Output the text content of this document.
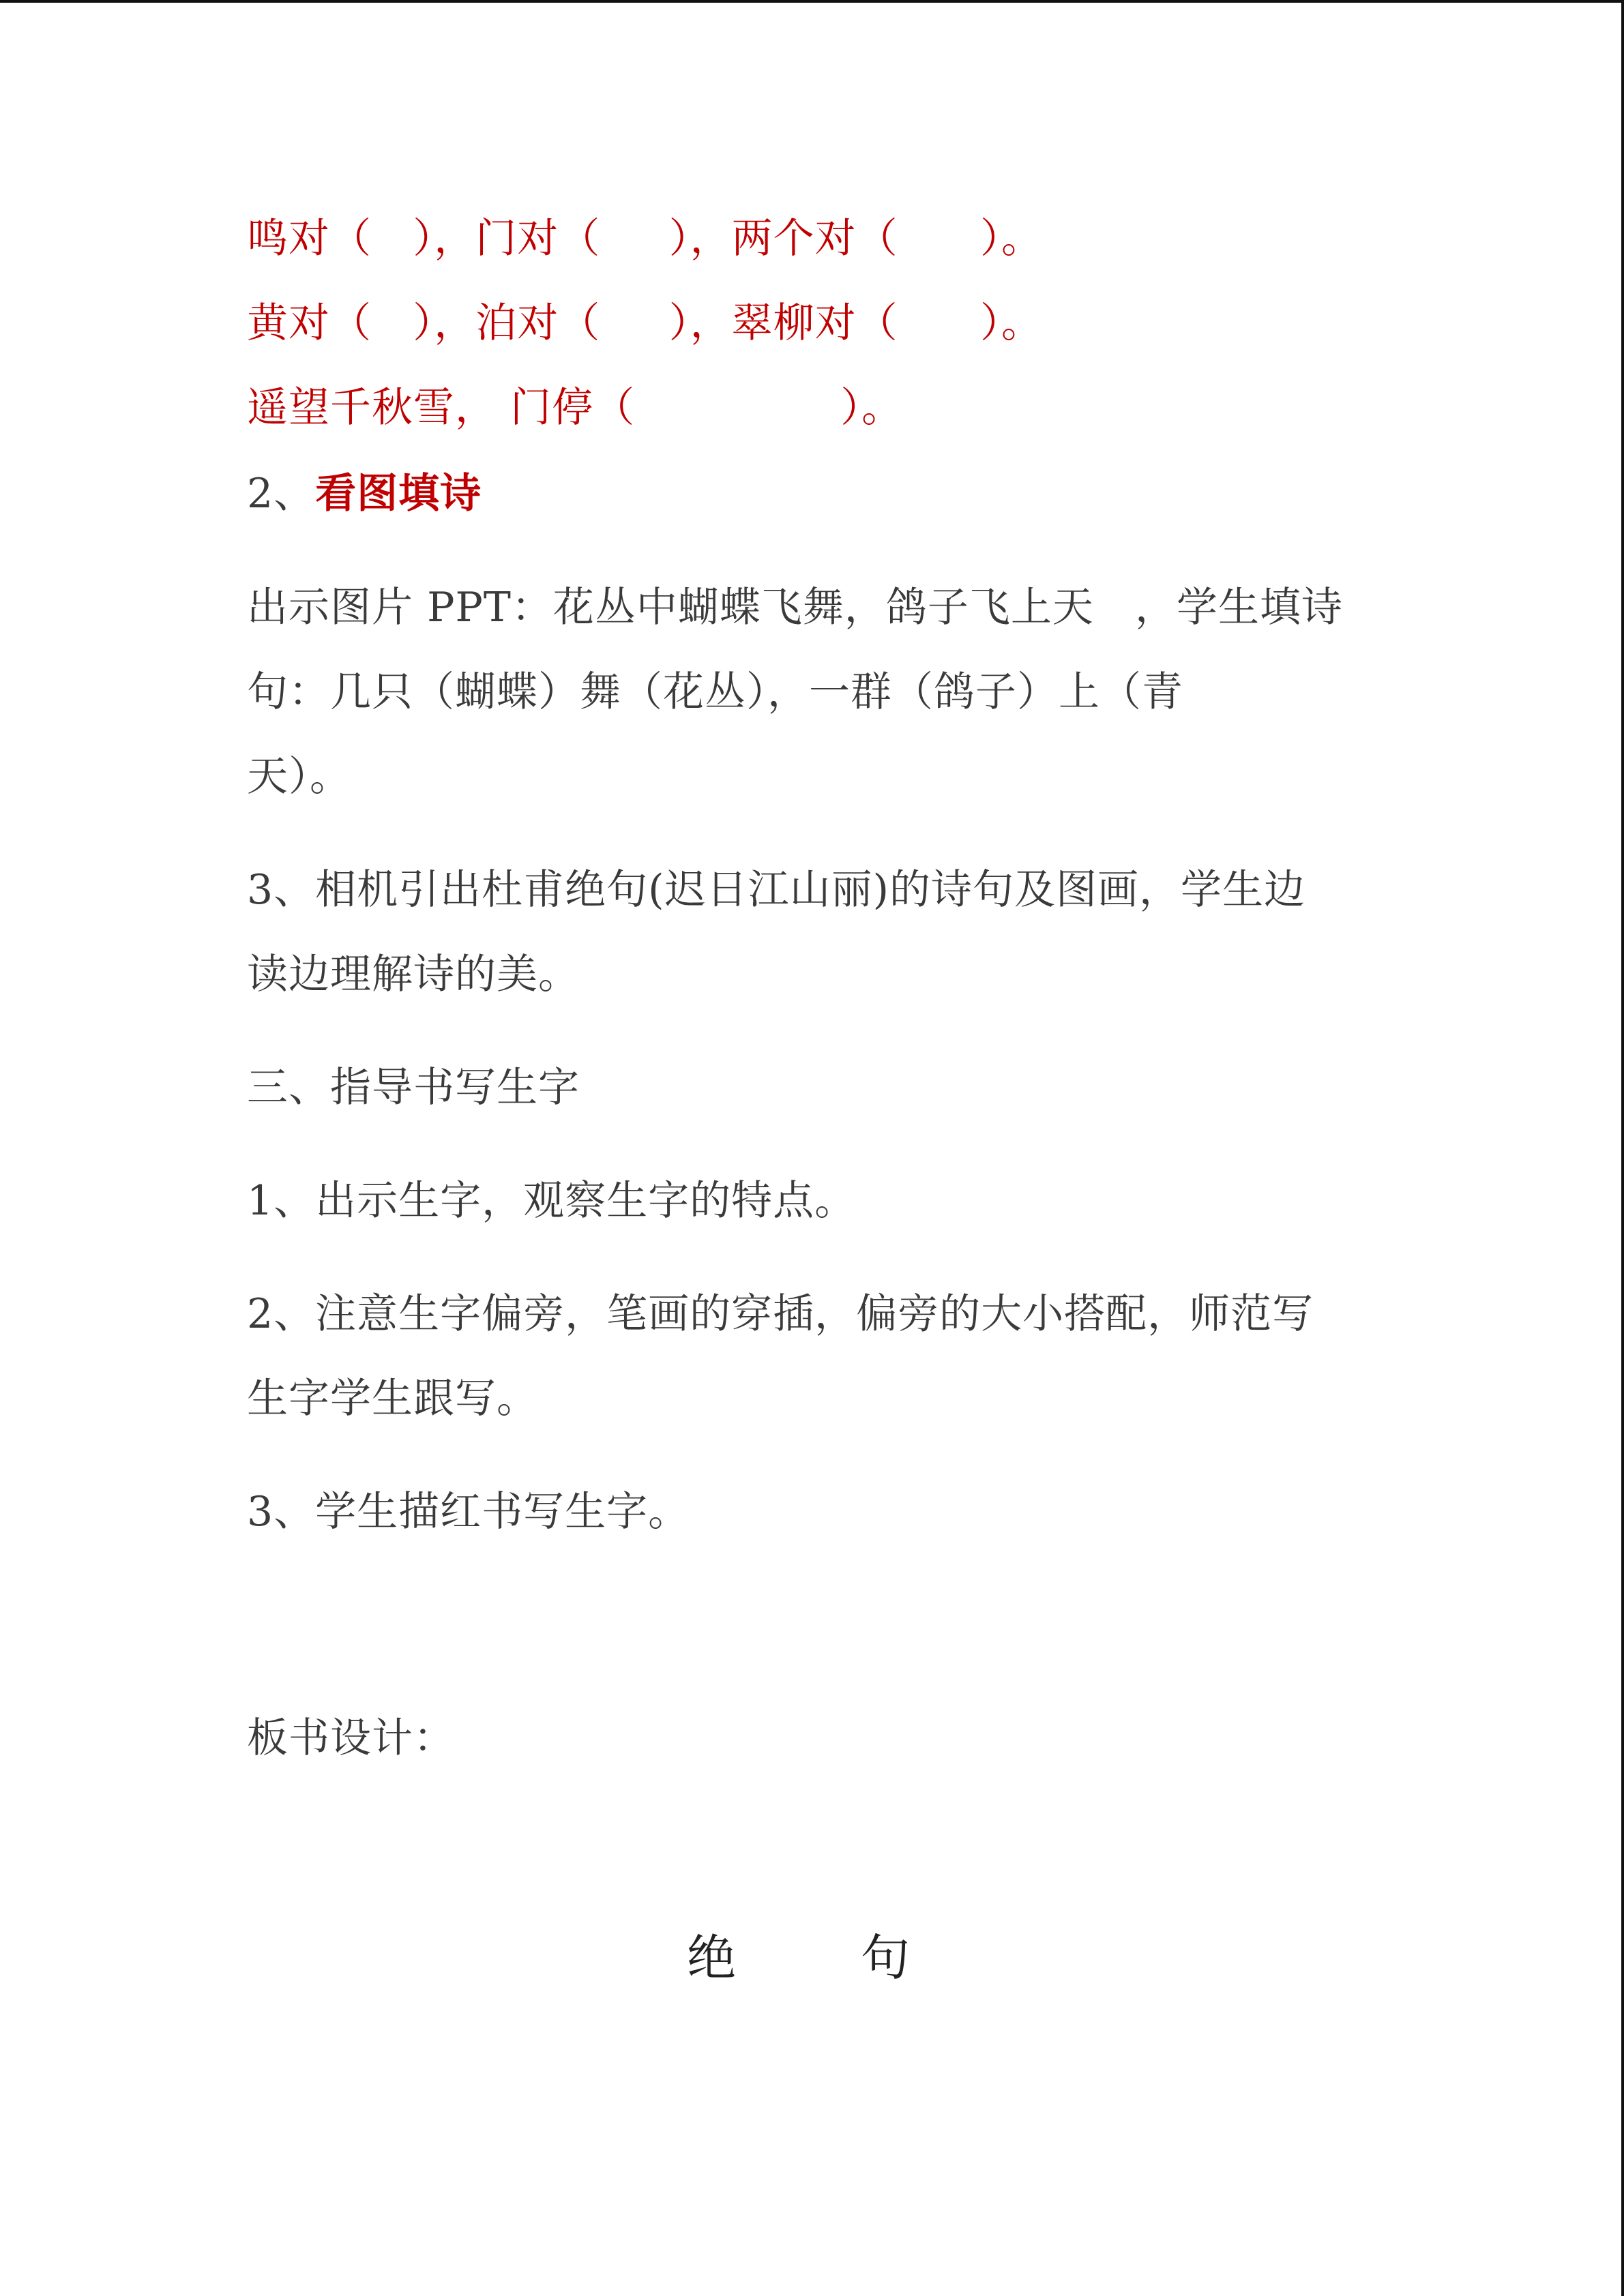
鸣对（   ），门对（     ），两个对（      ）。
黄对（   ），泊对（     ），翠柳对（      ）。
遥望千秋雪， 门停（               ）。
2、看图填诗
出示图片 PPT：花丛中蝴蝶飞舞，鸽子飞上天   ，学生填诗
句：几只（蝴蝶）舞（花丛），一群（鸽子）上（青
天）。
3、相机引出杜甫绝句(迟日江山丽)的诗句及图画，学生边
读边理解诗的美。
三、指导书写生字
1、出示生字，观察生字的特点。
2、注意生字偏旁，笔画的穿插，偏旁的大小搭配，师范写
生字学生跟写。
3、学生描红书写生字。
板书设计：
绝	句
